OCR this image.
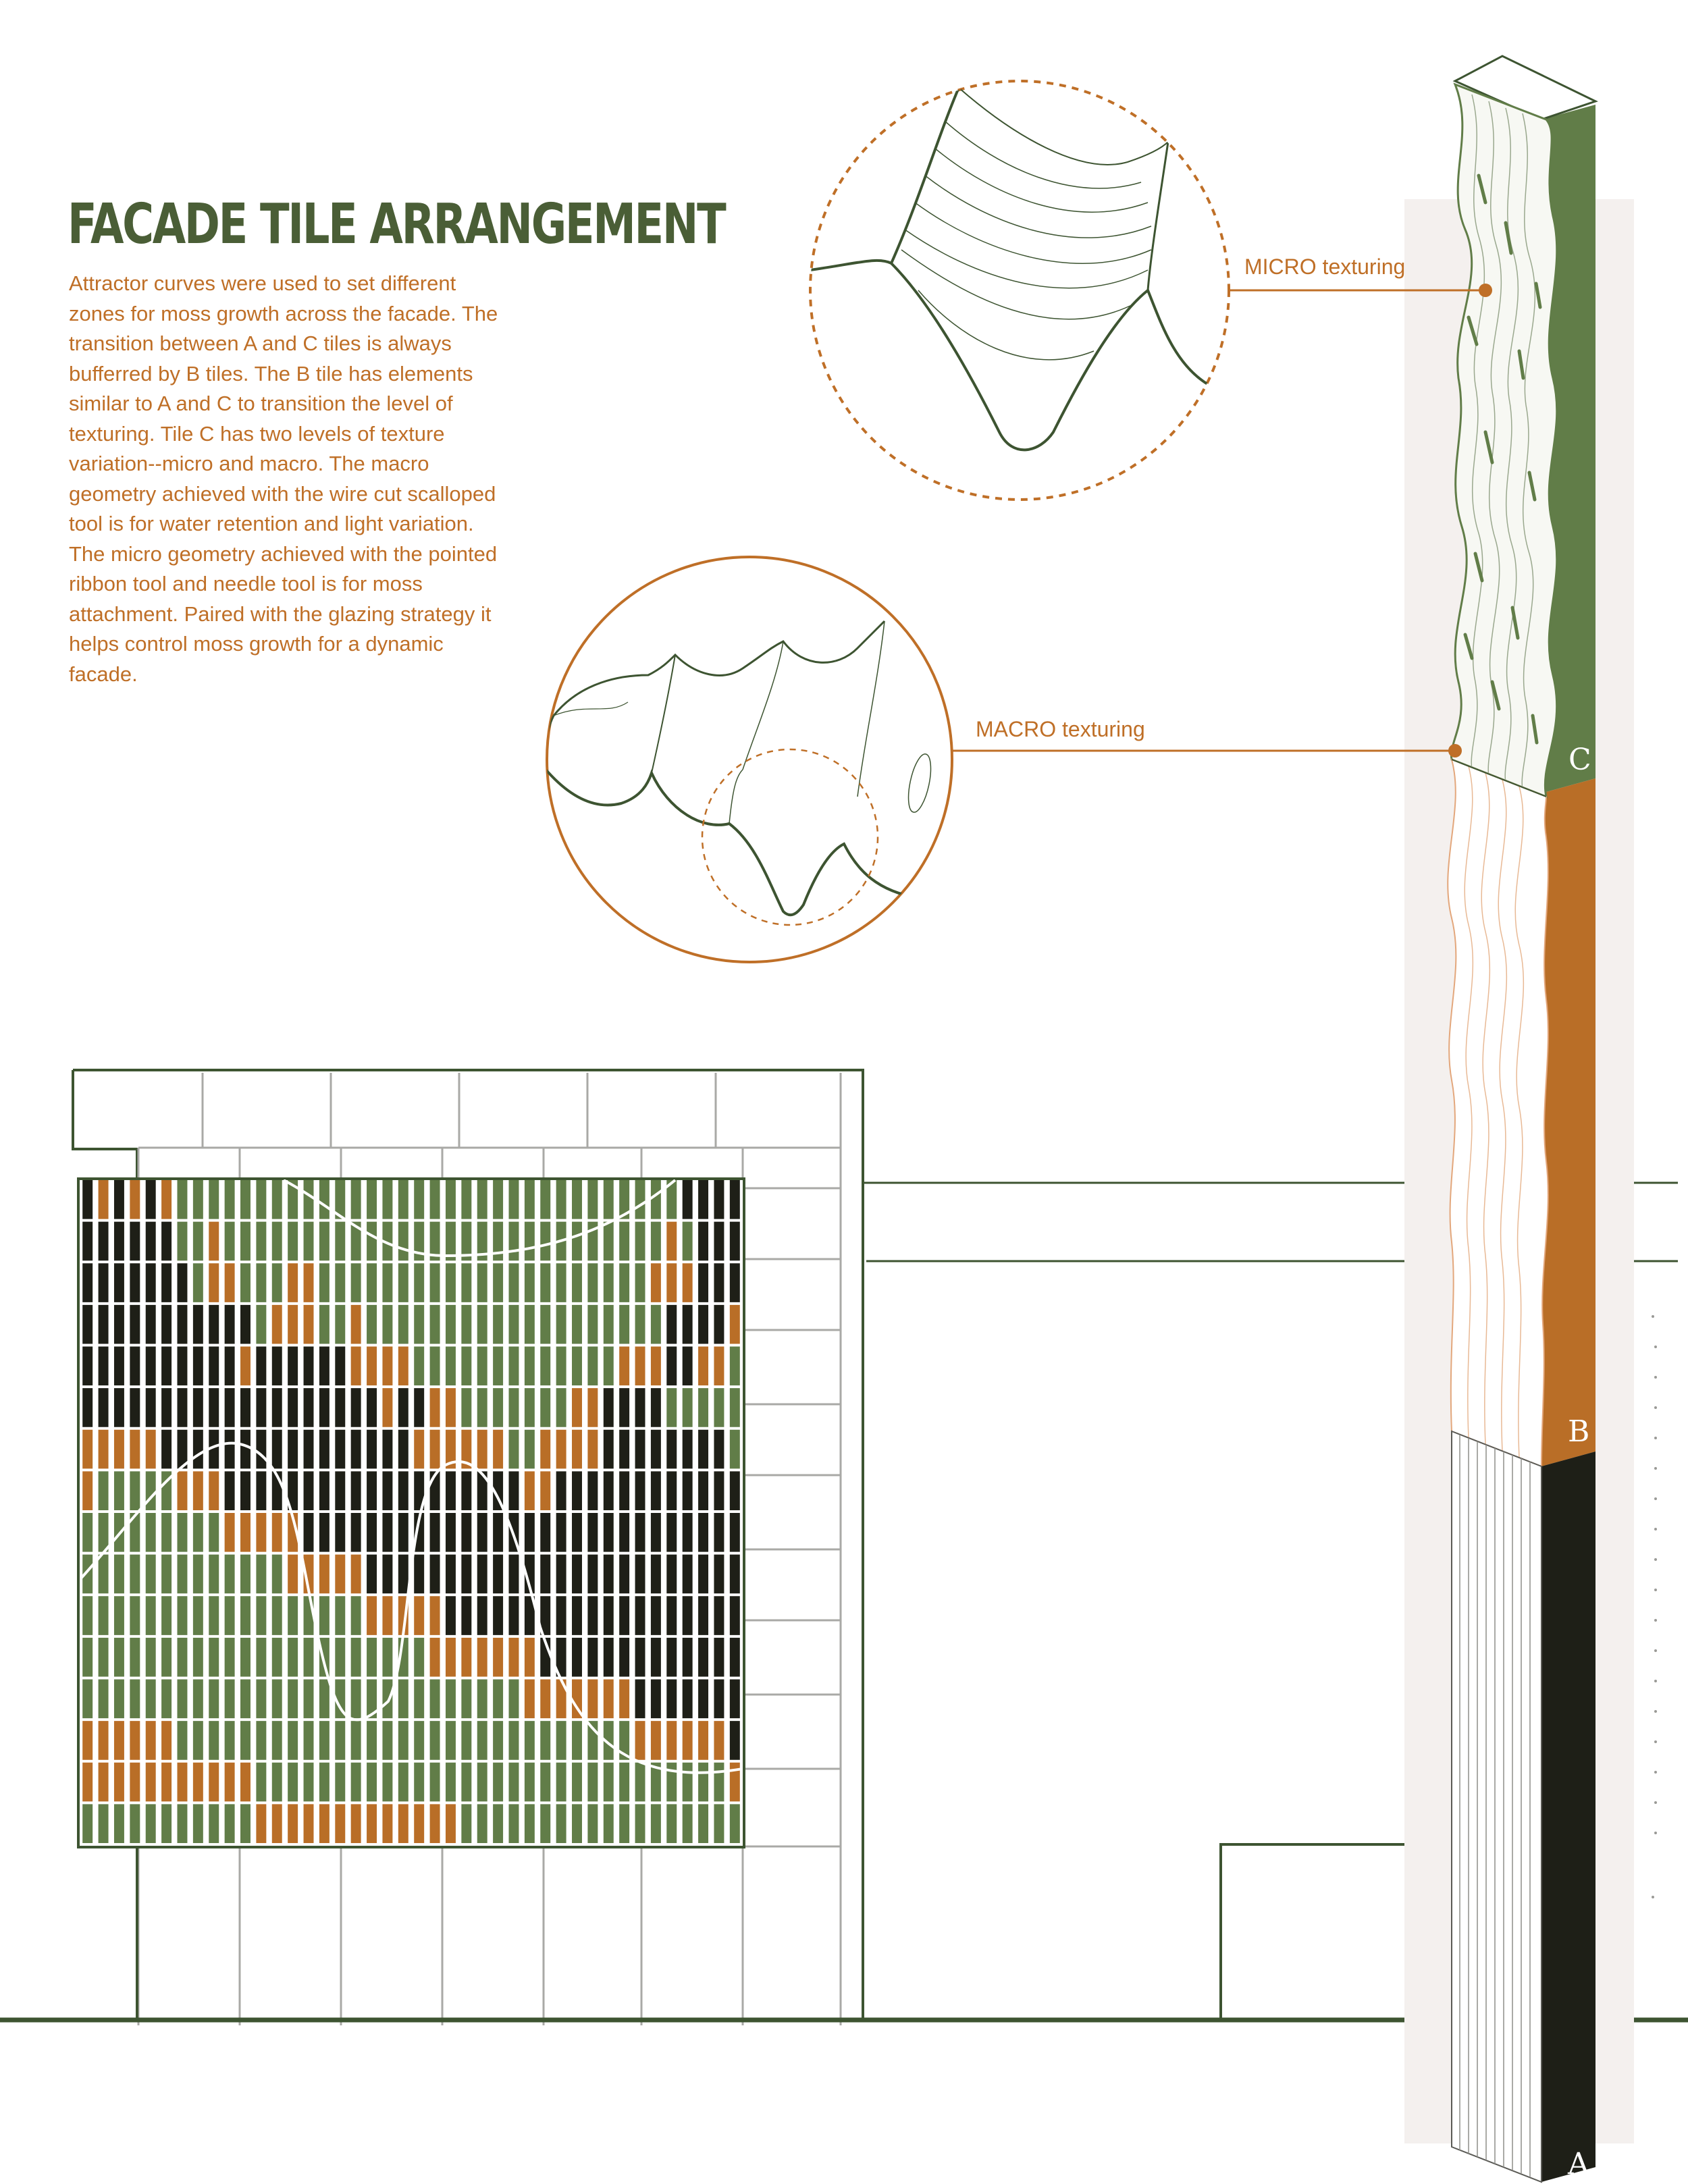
FACADE TILE ARRANGEMENT

Attractor curves were used to set different zones for moss growth across the facade. The transition between A and C tiles is always bufferred by B tiles. The B tile has elements similar to A and C to transition the level of texturing. Tile C has two levels of texture variation--micro and macro. The macro geometry achieved with the wire cut scalloped tool is for water retention and light variation. The micro geometry achieved with the pointed ribbon tool and needle tool is for moss attachment. Paired with the glazing strategy it helps control moss growth for a dynamic facade.

MICRO texturing
MACRO texturing
C
B
A
